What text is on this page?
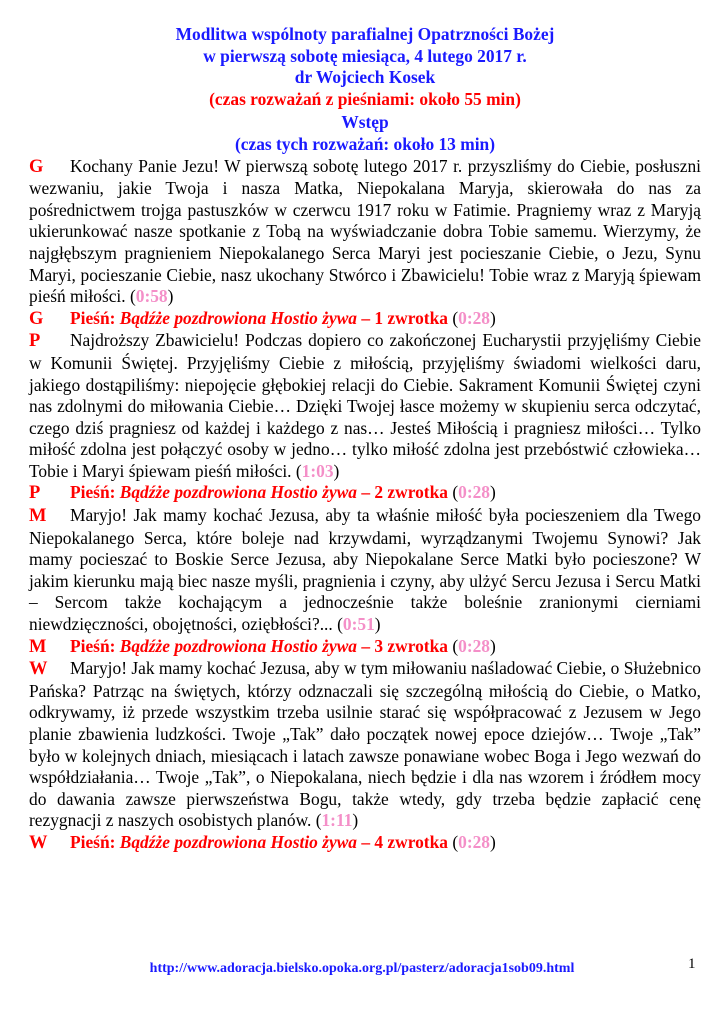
Modlitwa wspólnoty parafialnej Opatrzności Bożej
w pierwszą sobotę miesiąca, 4 lutego 2017 r.
dr Wojciech Kosek
(czas rozważań z pieśniami: około 55 min)
Wstęp
(czas tych rozważań: około 13 min)
G Kochany Panie Jezu! W pierwszą sobotę lutego 2017 r. przyszliśmy do Ciebie, posłuszni wezwaniu, jakie Twoja i nasza Matka, Niepokalana Maryja, skierowała do nas za pośrednictwem trojga pastuszków w czerwcu 1917 roku w Fatimie. Pragniemy wraz z Maryją ukierunkować nasze spotkanie z Tobą na wyświadczanie dobra Tobie samemu. Wierzymy, że najgłębszym pragnieniem Niepokalanego Serca Maryi jest pocieszanie Ciebie, o Jezu, Synu Maryi, pocieszanie Ciebie, nasz ukochany Stwórco i Zbawicielu! Tobie wraz z Maryją śpiewam pieśń miłości. (0:58)
G Pieśń: Bądźże pozdrowiona Hostio żywa – 1 zwrotka (0:28)
P Najdroższy Zbawicielu! Podczas dopiero co zakończonej Eucharystii przyjęliśmy Ciebie w Komunii Świętej. Przyjęliśmy Ciebie z miłością, przyjęliśmy świadomi wielkości daru, jakiego dostąpiliśmy: niepojęcie głębokiej relacji do Ciebie. Sakrament Komunii Świętej czyni nas zdolnymi do miłowania Ciebie… Dzięki Twojej łasce możemy w skupieniu serca odczytać, czego dziś pragniesz od każdej i każdego z nas… Jesteś Miłością i pragniesz miłości… Tylko miłość zdolna jest połączyć osoby w jedno… tylko miłość zdolna jest przebóstwić człowieka… Tobie i Maryi śpiewam pieśń miłości. (1:03)
P Pieśń: Bądźże pozdrowiona Hostio żywa – 2 zwrotka (0:28)
M Maryjo! Jak mamy kochać Jezusa, aby ta właśnie miłość była pocieszeniem dla Twego Niepokalanego Serca, które boleje nad krzywdami, wyrządzanymi Twojemu Synowi? Jak mamy pocieszać to Boskie Serce Jezusa, aby Niepokalane Serce Matki było pocieszone? W jakim kierunku mają biec nasze myśli, pragnienia i czyny, aby ulżyć Sercu Jezusa i Sercu Matki – Sercom także kochającym a jednocześnie także boleśnie zranionymi cierniami niewdzięczności, obojętności, oziębłości?... (0:51)
M Pieśń: Bądźże pozdrowiona Hostio żywa – 3 zwrotka (0:28)
W Maryjo! Jak mamy kochać Jezusa, aby w tym miłowaniu naśladować Ciebie, o Służebnico Pańska? Patrząc na świętych, którzy odznaczali się szczególną miłością do Ciebie, o Matko, odkrywamy, iż przede wszystkim trzeba usilnie starać się współpracować z Jezusem w Jego planie zbawienia ludzkości. Twoje „Tak” dało początek nowej epoce dziejów… Twoje „Tak” było w kolejnych dniach, miesiącach i latach zawsze ponawiane wobec Boga i Jego wezwań do współdziałania… Twoje „Tak”, o Niepokalana, niech będzie i dla nas wzorem i źródłem mocy do dawania zawsze pierwszeństwa Bogu, także wtedy, gdy trzeba będzie zapłacić cenę rezygnacji z naszych osobistych planów. (1:11)
W Pieśń: Bądźże pozdrowiona Hostio żywa – 4 zwrotka (0:28)
http://www.adoracja.bielsko.opoka.org.pl/pasterz/adoracja1sob09.html	1
